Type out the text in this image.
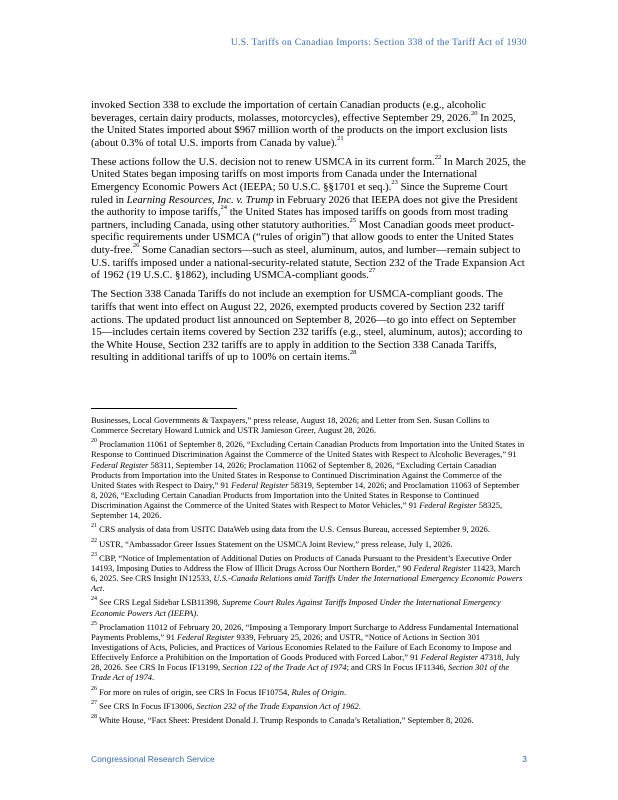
U.S. Tariffs on Canadian Imports: Section 338 of the Tariff Act of 1930

invoked Section 338 to exclude the importation of certain Canadian products (e.g., alcoholic beverages, certain dairy products, molasses, motorcycles), effective September 29, 2026.20 In 2025, the United States imported about $967 million worth of the products on the import exclusion lists (about 0.3% of total U.S. imports from Canada by value).$^{21}$

These actions follow the U.S. decision not to renew USMCA in its current form.$^{22}$ In March 2025, the United States began imposing tariffs on most imports from Canada under the International Emergency Economic Powers Act (IEEPA; 50 U.S.C. §§1701 et seq.).$^{23}$ Since the Supreme Court ruled in Learning Resources, Inc. v. Trump in February 2026 that IEEPA does not give the President the authority to impose tariffs,$^{24}$ the United States has imposed tariffs on goods from most trading partners, including Canada, using other statutory authorities.$^{25}$ Most Canadian goods meet product-specific requirements under USMCA (“rules of origin”) that allow goods to enter the United States duty-free.$^{26}$ Some Canadian sectors—such as steel, aluminum, autos, and lumber—remain subject to U.S. tariffs imposed under a national-security-related statute, Section 232 of the Trade Expansion Act of 1962 (19 U.S.C. §1862), including USMCA-compliant goods.$^{27}$

The Section 338 Canada Tariffs do not include an exemption for USMCA-compliant goods. The tariffs that went into effect on August 22, 2026, exempted products covered by Section 232 tariff actions. The updated product list announced on September 8, 2026—to go into effect on September 15—includes certain items covered by Section 232 tariffs (e.g., steel, aluminum, autos); according to the White House, Section 232 tariffs are to apply in addition to the Section 338 Canada Tariffs, resulting in additional tariffs of up to 100% on certain items.$^{28}$

Businesses, Local Governments & Taxpayers,” press release, August 18, 2026; and Letter from Sen. Susan Collins to Commerce Secretary Howard Lutnick and USTR Jamieson Greer, August 28, 2026.

$^{20}$ Proclamation 11061 of September 8, 2026, “Excluding Certain Canadian Products from Importation into the United States in Response to Continued Discrimination Against the Commerce of the United States with Respect to Alcoholic Beverages,” 91 Federal Register 58311, September 14, 2026; Proclamation 11062 of September 8, 2026, “Excluding Certain Canadian Products from Importation into the United States in Response to Continued Discrimination Against the Commerce of the United States with Respect to Dairy,” 91 Federal Register 58319, September 14, 2026; and Proclamation 11063 of September 8, 2026, “Excluding Certain Canadian Products from Importation into the United States in Response to Continued Discrimination Against the Commerce of the United States with Respect to Motor Vehicles,” 91 Federal Register 58325, September 14, 2026.

$^{21}$ CRS analysis of data from USITC DataWeb using data from the U.S. Census Bureau, accessed September 9, 2026.

$^{22}$ USTR, “Ambassador Greer Issues Statement on the USMCA Joint Review,” press release, July 1, 2026.

$^{23}$ CBP, “Notice of Implementation of Additional Duties on Products of Canada Pursuant to the President’s Executive Order 14193, Imposing Duties to Address the Flow of Illicit Drugs Across Our Northern Border,” 90 Federal Register 11423, March 6, 2025. See CRS Insight IN12533, U.S.-Canada Relations amid Tariffs Under the International Emergency Economic Powers Act.

$^{24}$ See CRS Legal Sidebar LSB11398, Supreme Court Rules Against Tariffs Imposed Under the International Emergency Economic Powers Act (IEEPA).

$^{25}$ Proclamation 11012 of February 20, 2026, “Imposing a Temporary Import Surcharge to Address Fundamental International Payments Problems,” 91 Federal Register 9339, February 25, 2026; and USTR, “Notice of Actions in Section 301 Investigations of Acts, Policies, and Practices of Various Economies Related to the Failure of Each Economy to Impose and Effectively Enforce a Prohibition on the Importation of Goods Produced with Forced Labor,” 91 Federal Register 47318, July 28, 2026. See CRS In Focus IF13199, Section 122 of the Trade Act of 1974; and CRS In Focus IF11346, Section 301 of the Trade Act of 1974.

$^{26}$ For more on rules of origin, see CRS In Focus IF10754, Rules of Origin.

$^{27}$ See CRS In Focus IF13006, Section 232 of the Trade Expansion Act of 1962.

$^{28}$ White House, “Fact Sheet: President Donald J. Trump Responds to Canada’s Retaliation,” September 8, 2026.

Congressional Research Service	3
